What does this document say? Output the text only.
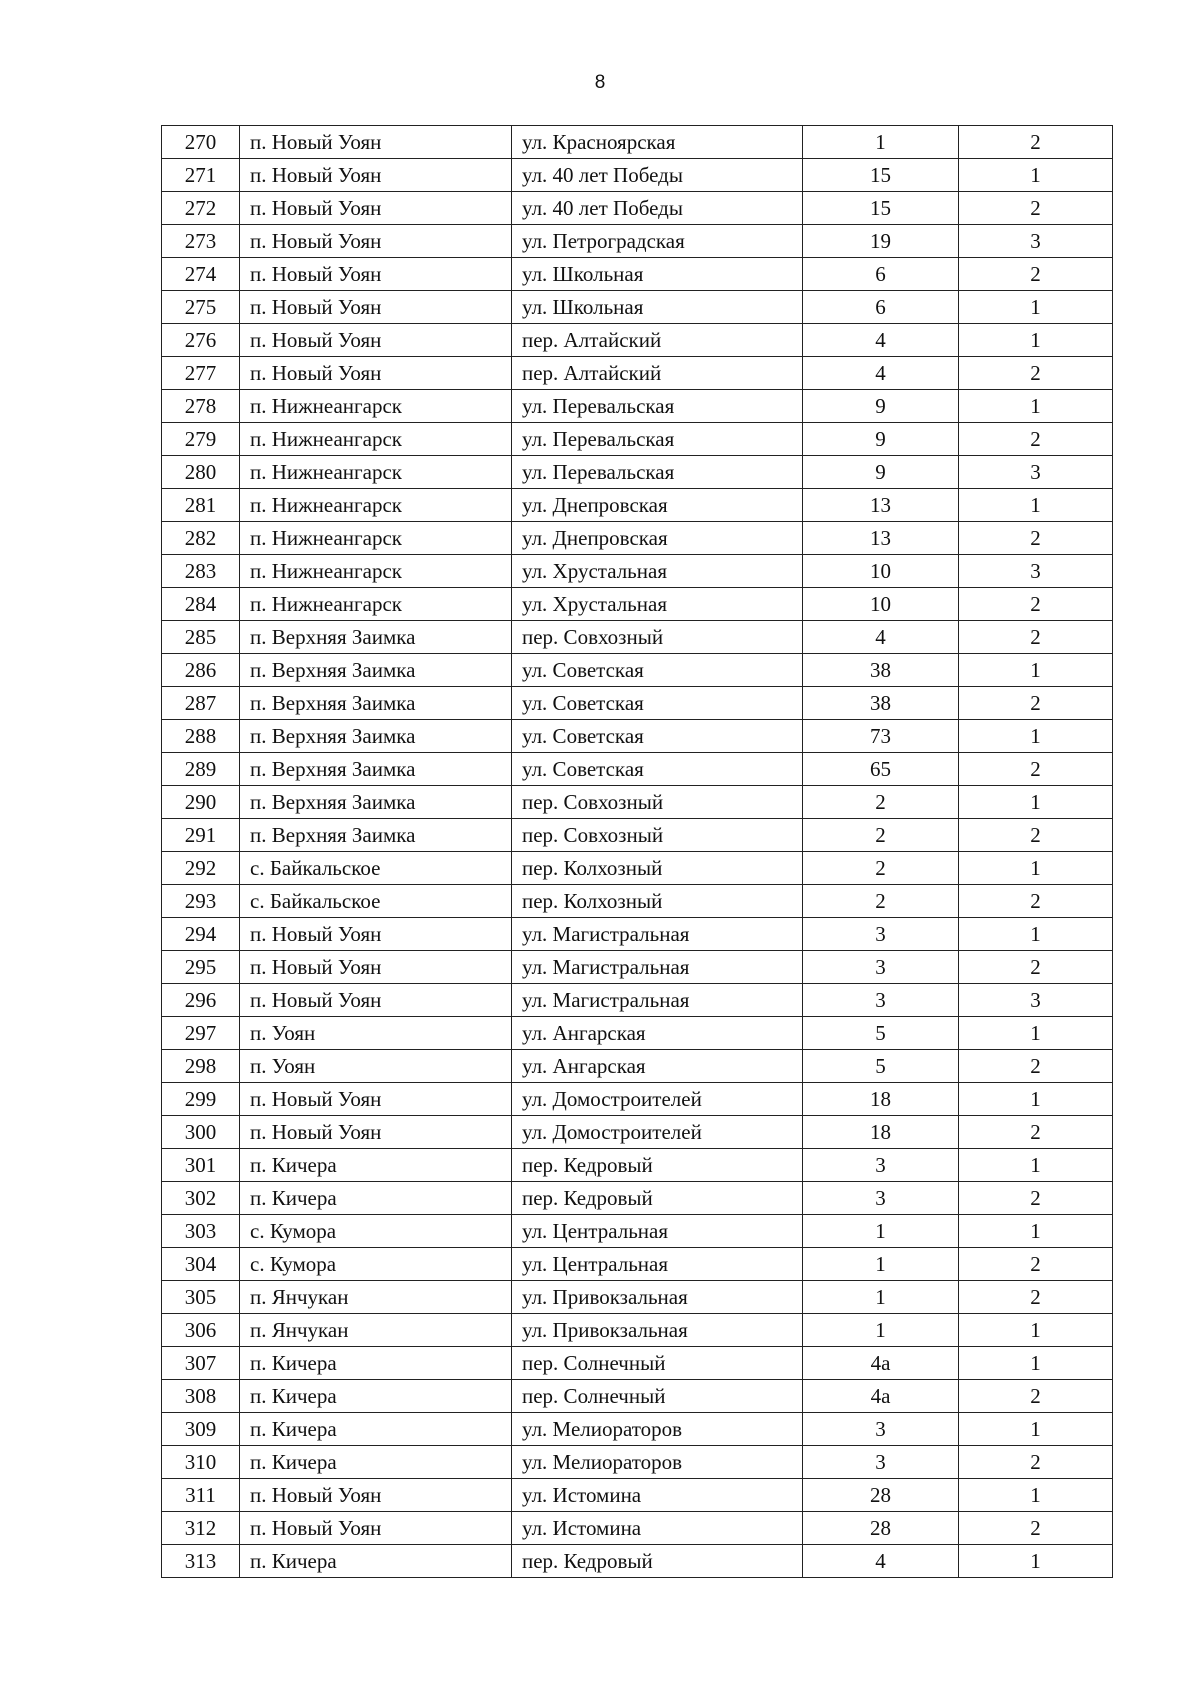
8
270	п. Новый Уоян	ул. Красноярская	1	2
271	п. Новый Уоян	ул. 40 лет Победы	15	1
272	п. Новый Уоян	ул. 40 лет Победы	15	2
273	п. Новый Уоян	ул. Петроградская	19	3
274	п. Новый Уоян	ул. Школьная	6	2
275	п. Новый Уоян	ул. Школьная	6	1
276	п. Новый Уоян	пер. Алтайский	4	1
277	п. Новый Уоян	пер. Алтайский	4	2
278	п. Нижнеангарск	ул. Перевальская	9	1
279	п. Нижнеангарск	ул. Перевальская	9	2
280	п. Нижнеангарск	ул. Перевальская	9	3
281	п. Нижнеангарск	ул. Днепровская	13	1
282	п. Нижнеангарск	ул. Днепровская	13	2
283	п. Нижнеангарск	ул. Хрустальная	10	3
284	п. Нижнеангарск	ул. Хрустальная	10	2
285	п. Верхняя Заимка	пер. Совхозный	4	2
286	п. Верхняя Заимка	ул. Советская	38	1
287	п. Верхняя Заимка	ул. Советская	38	2
288	п. Верхняя Заимка	ул. Советская	73	1
289	п. Верхняя Заимка	ул. Советская	65	2
290	п. Верхняя Заимка	пер. Совхозный	2	1
291	п. Верхняя Заимка	пер. Совхозный	2	2
292	с. Байкальское	пер. Колхозный	2	1
293	с. Байкальское	пер. Колхозный	2	2
294	п. Новый Уоян	ул. Магистральная	3	1
295	п. Новый Уоян	ул. Магистральная	3	2
296	п. Новый Уоян	ул. Магистральная	3	3
297	п. Уоян	ул. Ангарская	5	1
298	п. Уоян	ул. Ангарская	5	2
299	п. Новый Уоян	ул. Домостроителей	18	1
300	п. Новый Уоян	ул. Домостроителей	18	2
301	п. Кичера	пер. Кедровый	3	1
302	п. Кичера	пер. Кедровый	3	2
303	с. Кумора	ул. Центральная	1	1
304	с. Кумора	ул. Центральная	1	2
305	п. Янчукан	ул. Привокзальная	1	2
306	п. Янчукан	ул. Привокзальная	1	1
307	п. Кичера	пер. Солнечный	4а	1
308	п. Кичера	пер. Солнечный	4а	2
309	п. Кичера	ул. Мелиораторов	3	1
310	п. Кичера	ул. Мелиораторов	3	2
311	п. Новый Уоян	ул. Истомина	28	1
312	п. Новый Уоян	ул. Истомина	28	2
313	п. Кичера	пер. Кедровый	4	1
